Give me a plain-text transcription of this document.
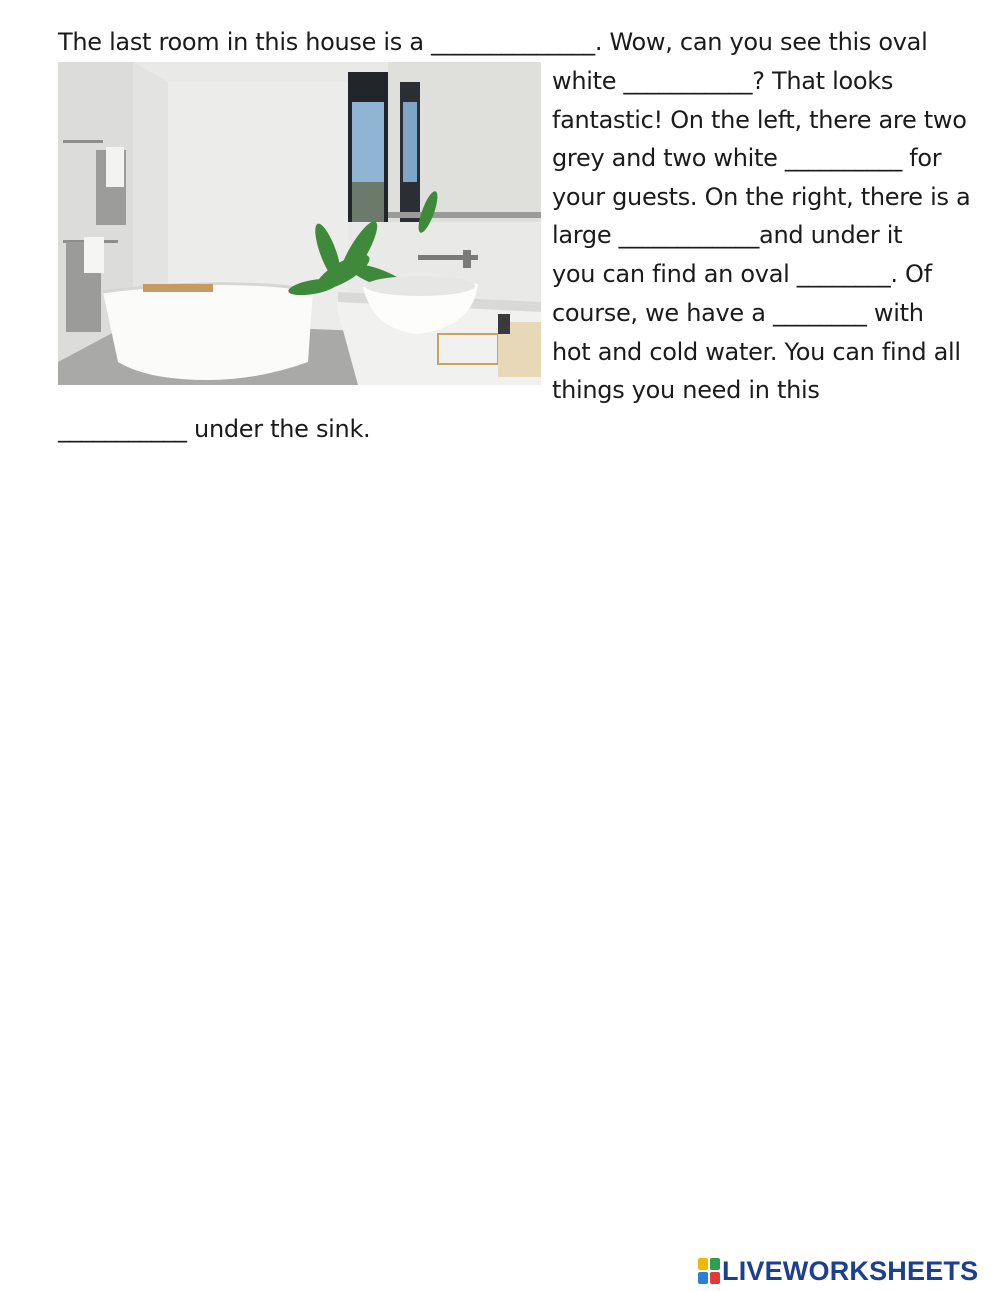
The last room in this house is a ______________. Wow, can you see this oval
white ___________? That looks
fantastic! On the left, there are two
grey and two white __________ for
your guests. On the right, there is a
large ____________and under it
you can find an oval ________. Of
course, we have a ________ with
hot and cold water. You can find all
things you need in this
___________ under the sink.
LIVEWORKSHEETS
